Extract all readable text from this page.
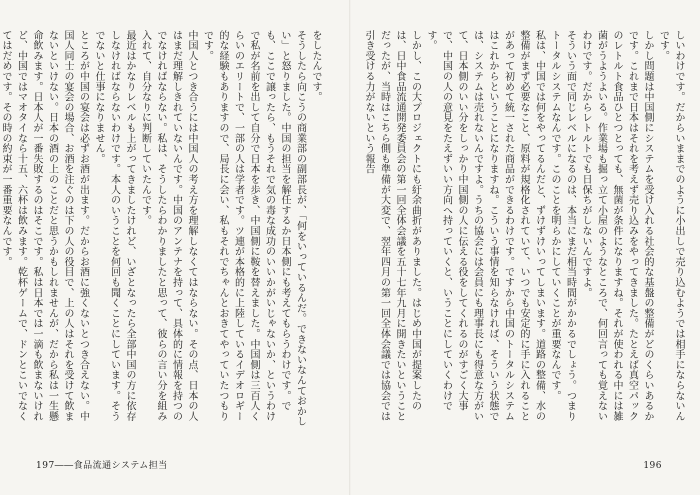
をしたんです。
そうしたら向こうの商業部の副部長が、「何をいっているんだ。できないなんておかしい」と怒りました。中国の担当を解任するか日本側にも考えてもらうわけです。でも、ここで譲ったら、もうそれで気の毒な成功のいいかがいじゃないか、というわけで私が名前を出して自分で日本を歩き、中国側に鞍を替えました。中国側は三百人くらいのエリートで、一部の人は学者です。ツ連が本格的に上陸しているイデオロギー的な経験もありますので、局長に会い、私もそれでちゃんとおきてやっていたつもりです。
中国人とつき合うには中国人の考え方を理解しなくてはならない。その点、日本の人はまだ理解しきれていないんです。中国のアンテナを持って、具体的に情報を持つのでなければならない。私は、そうしたらわかりましたと思って、彼らの言い分を組み入れて、自分なりに判断していたんです。
最近はかなりレベルも上がってきましたけれど、いざとなったら全部中国の方に依存しなければならないわけです。本人のいうことを何回も聞くことにしています。そうでないと仕事になりません。
ところが中国の宴会は必ずお酒が出ます。だからお酒に強くないとつき合えない。中国人同士の宴会の場合、お酒を注ぐのは下の人の役目で、上の人はそれを受けて飲まないといけない。日本の酒の上のことだと思うかもしれませんが、だから私は一生懸命飲みます。日本人が一番失敗するのはそこです。私は日本では一滴も飲まないけれど、中国ではマオタイなら十五、六杯は飲みます。乾杯ゲームで、ドンとこいでなくてはだめです。その時の約束が一番重要なんです。
197――食品流通システム担当
しいわけです。だからいままでのように小出しで売り込むようでは相手にならないんです。
しかし問題は中国側にシステムを受け入れる社会的な基盤の整備がどのくらいあるかです。これまで日本はそれを考えず売り込みをやってきました。たとえば真空パックのレトルト食品ひとつとっても、無菌が条件になりますね。それが使われる中には雑菌がうようよいる。作業場も掘っ立て小屋のようなところで、何回言っても覚えないわけです。だからレトルトでも日保ちがしないんですよ。
そういう面で同じレベルになるのは、本当にまだ相当時間がかかるでしょう。つまりトータルシステムなんです。このことを明らかにしていくことが重要なんです。
私は、中国では何をやってるんだと、ずけずけいってしまいます。道路の整備、水の整備がまず必要なこと、原料が規格化されていて、いつでも安定的に手に入れることがあって初めて統一された商品ができるわけです。ですから中国のトータルシステムはこれからということになりますね。こういう事情を知らなければ、そういう状態では、システムは売れないんですよ。うちの協会には会員にも理事長にも得意な方がいて、日本側のいい分をしっかり中国側の人に伝える役をしてくれるのがすごく大事で、中国の人の意見をたえずいい方向へ持っていくと、いうことにしていくわけです。
しかし、この大プロジェクトにも紆余曲折がありました。はじめ中国が提案したのは、日中食品流通開発委員会の第一回全体会議を五十七年九月に開きたいということだったが、当時はこちら側も準備が大変で、翌年四月の第一回全体会議では協会では引き受ける力がないという報告
196
